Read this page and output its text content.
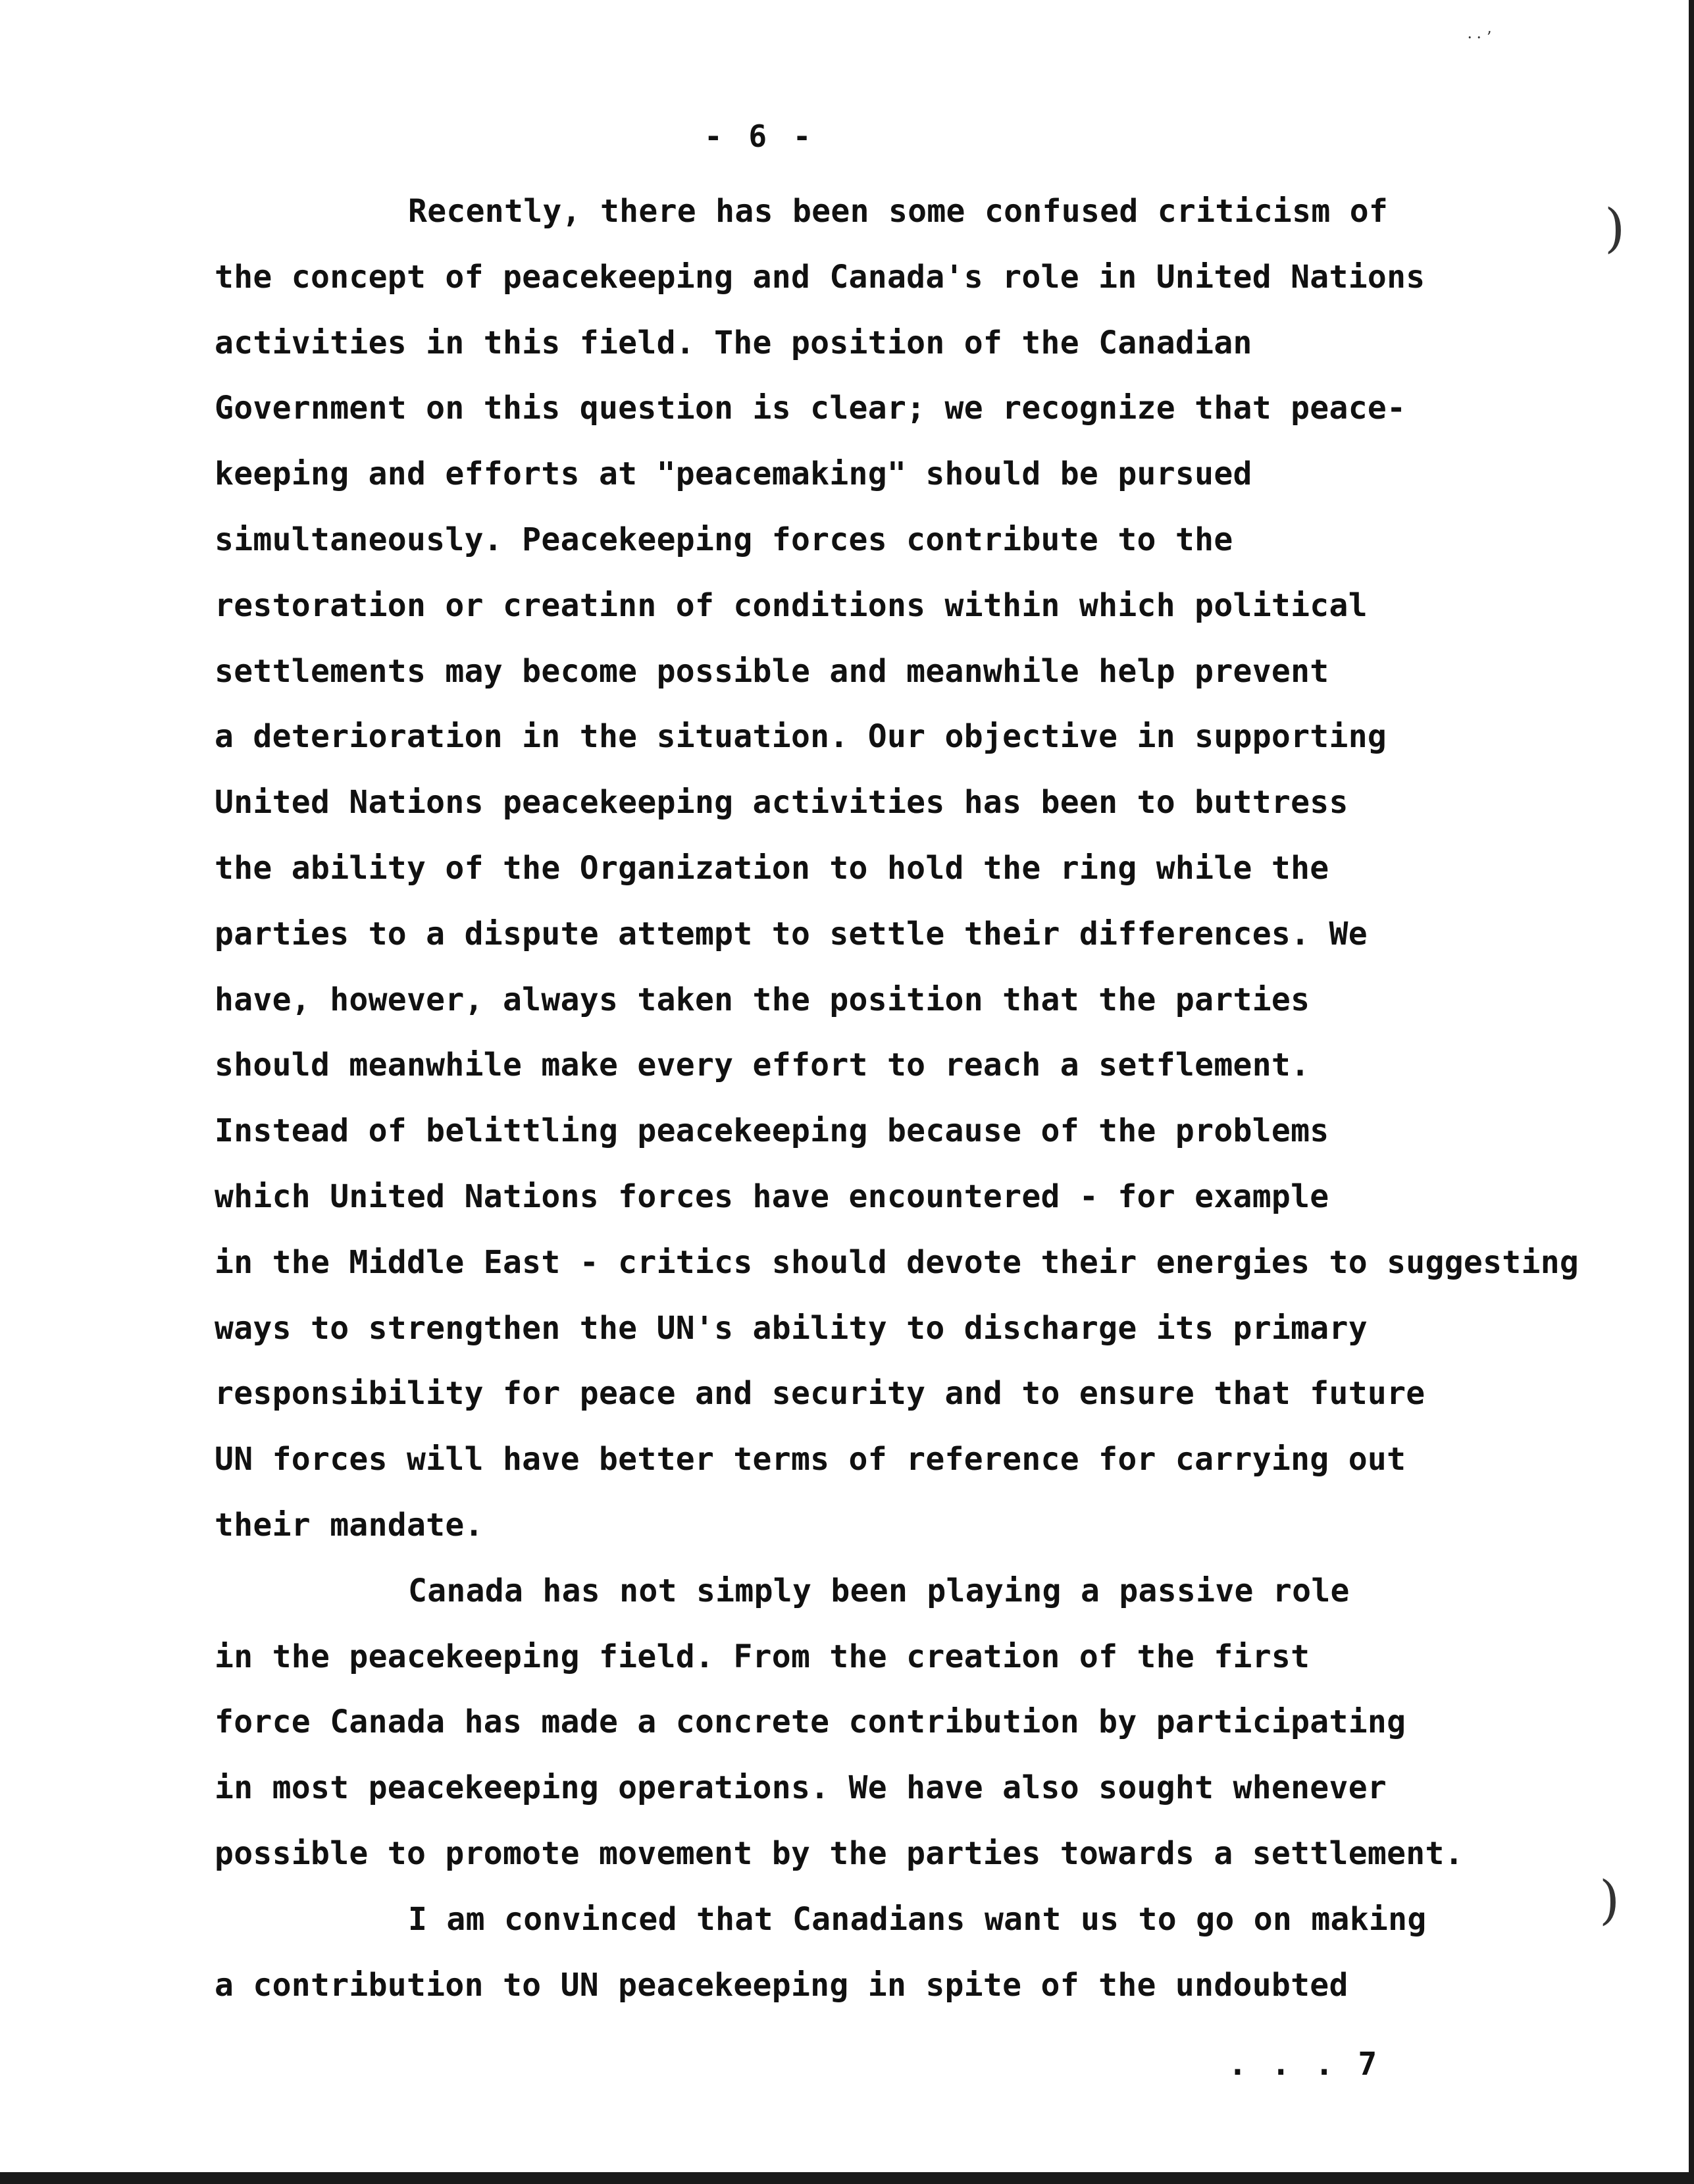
⸱ ⸱ ʼ
)
)
- 6 -
Recently, there has been some confused criticism of
the concept of peacekeeping and Canada's role in United Nations
activities in this field. The position of the Canadian
Government on this question is clear; we recognize that peace-
keeping and efforts at "peacemaking" should be pursued
simultaneously. Peacekeeping forces contribute to the
restoration or creatinn of conditions within which political
settlements may become possible and meanwhile help prevent
a deterioration in the situation. Our objective in supporting
United Nations peacekeeping activities has been to buttress
the ability of the Organization to hold the ring while the
parties to a dispute attempt to settle their differences. We
have, however, always taken the position that the parties
should meanwhile make every effort to reach a setflement.
Instead of belittling peacekeeping because of the problems
which United Nations forces have encountered - for example
in the Middle East - critics should devote their energies to suggesting
ways to strengthen the UN's ability to discharge its primary
responsibility for peace and security and to ensure that future
UN forces will have better terms of reference for carrying out
their mandate.
Canada has not simply been playing a passive role
in the peacekeeping field. From the creation of the first
force Canada has made a concrete contribution by participating
in most peacekeeping operations. We have also sought whenever
possible to promote movement by the parties towards a settlement.
I am convinced that Canadians want us to go on making
a contribution to UN peacekeeping in spite of the undoubted
. . . 7
